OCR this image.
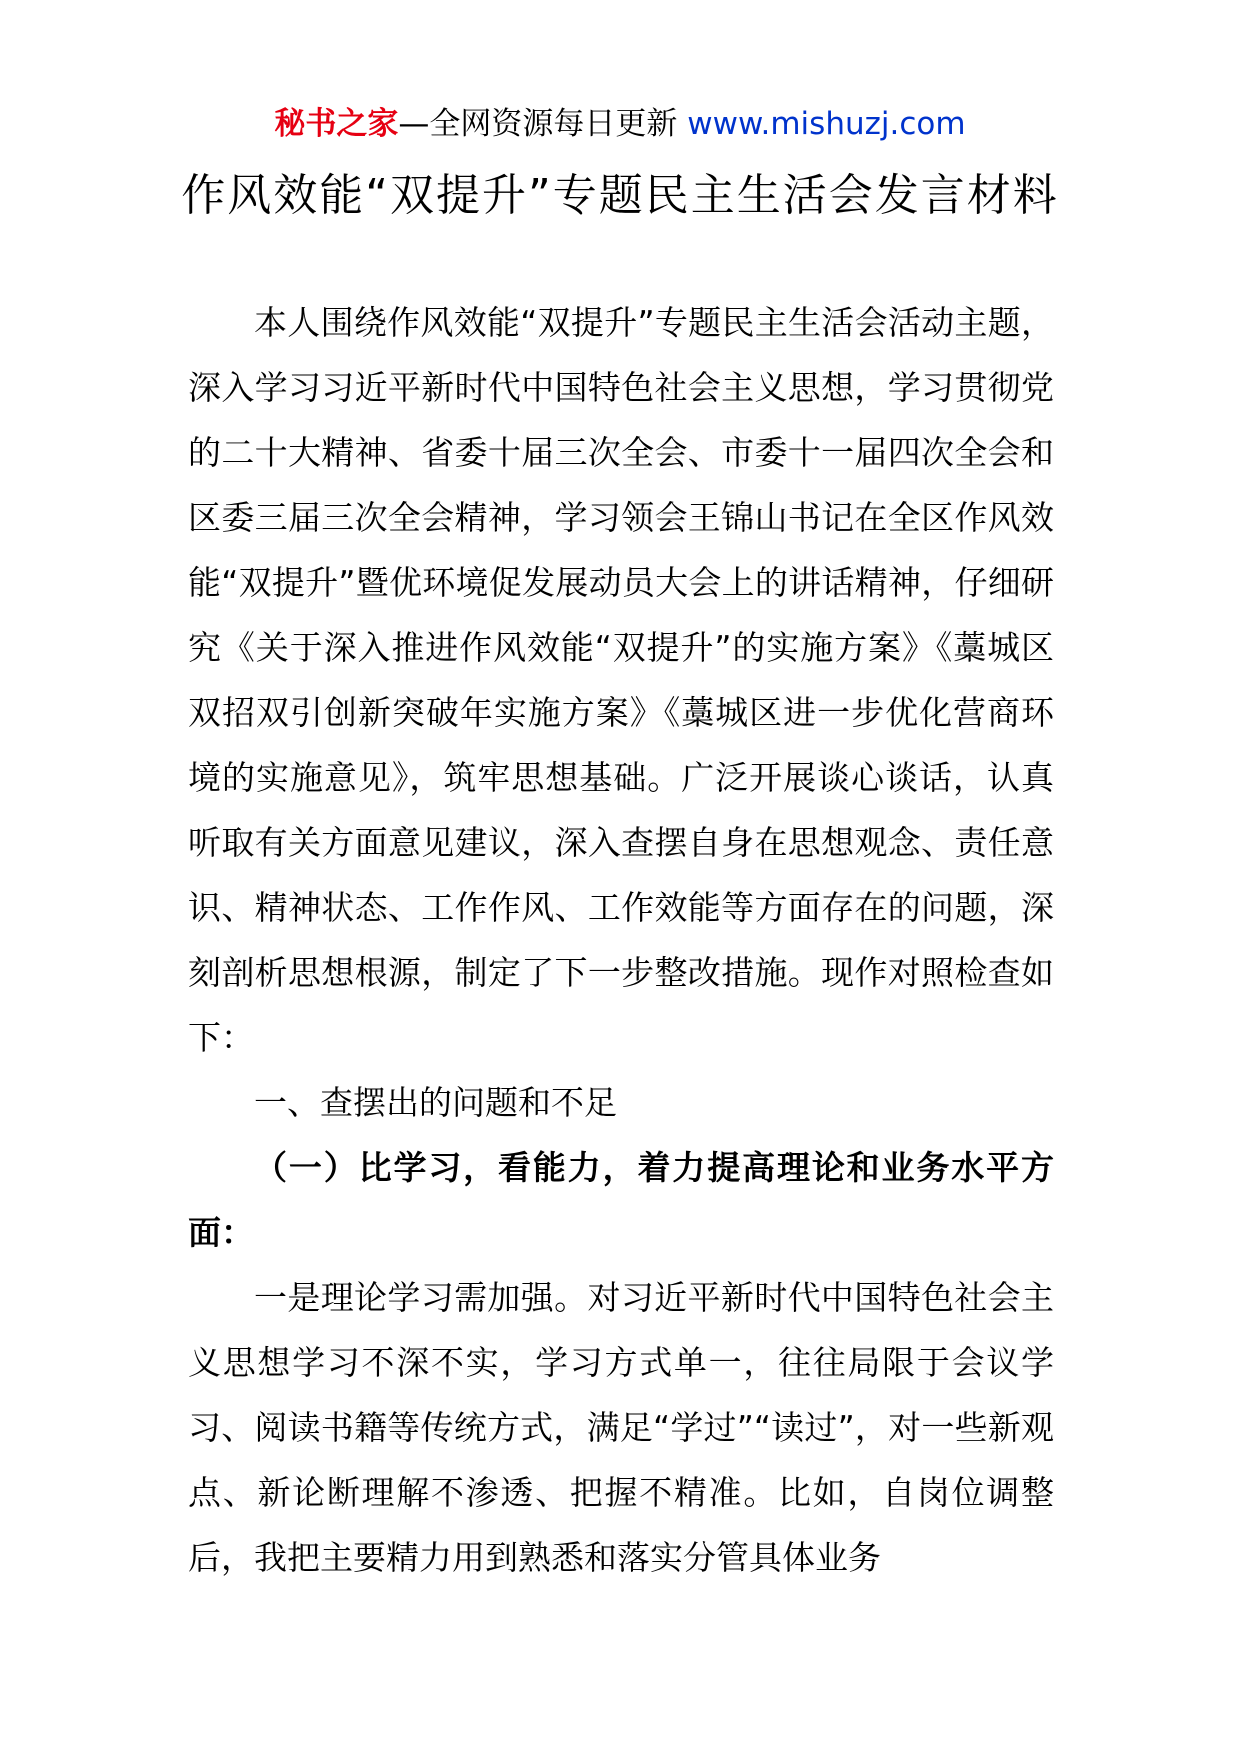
秘书之家—全网资源每日更新 www.mishuzj.com
作风效能“双提升”专题民主生活会发言材料

本人围绕作风效能“双提升”专题民主生活会活动主题，深入学习习近平新时代中国特色社会主义思想，学习贯彻党的二十大精神、省委十届三次全会、市委十一届四次全会和区委三届三次全会精神，学习领会王锦山书记在全区作风效能“双提升”暨优环境促发展动员大会上的讲话精神，仔细研究《关于深入推进作风效能“双提升”的实施方案》《藁城区双招双引创新突破年实施方案》《藁城区进一步优化营商环境的实施意见》，筑牢思想基础。广泛开展谈心谈话，认真听取有关方面意见建议，深入查摆自身在思想观念、责任意识、精神状态、工作作风、工作效能等方面存在的问题，深刻剖析思想根源，制定了下一步整改措施。现作对照检查如下：

一、查摆出的问题和不足

（一）比学习，看能力，着力提高理论和业务水平方面：

一是理论学习需加强。对习近平新时代中国特色社会主义思想学习不深不实，学习方式单一，往往局限于会议学习、阅读书籍等传统方式，满足“学过”“读过”，对一些新观点、新论断理解不渗透、把握不精准。比如，自岗位调整后，我把主要精力用到熟悉和落实分管具体业务
